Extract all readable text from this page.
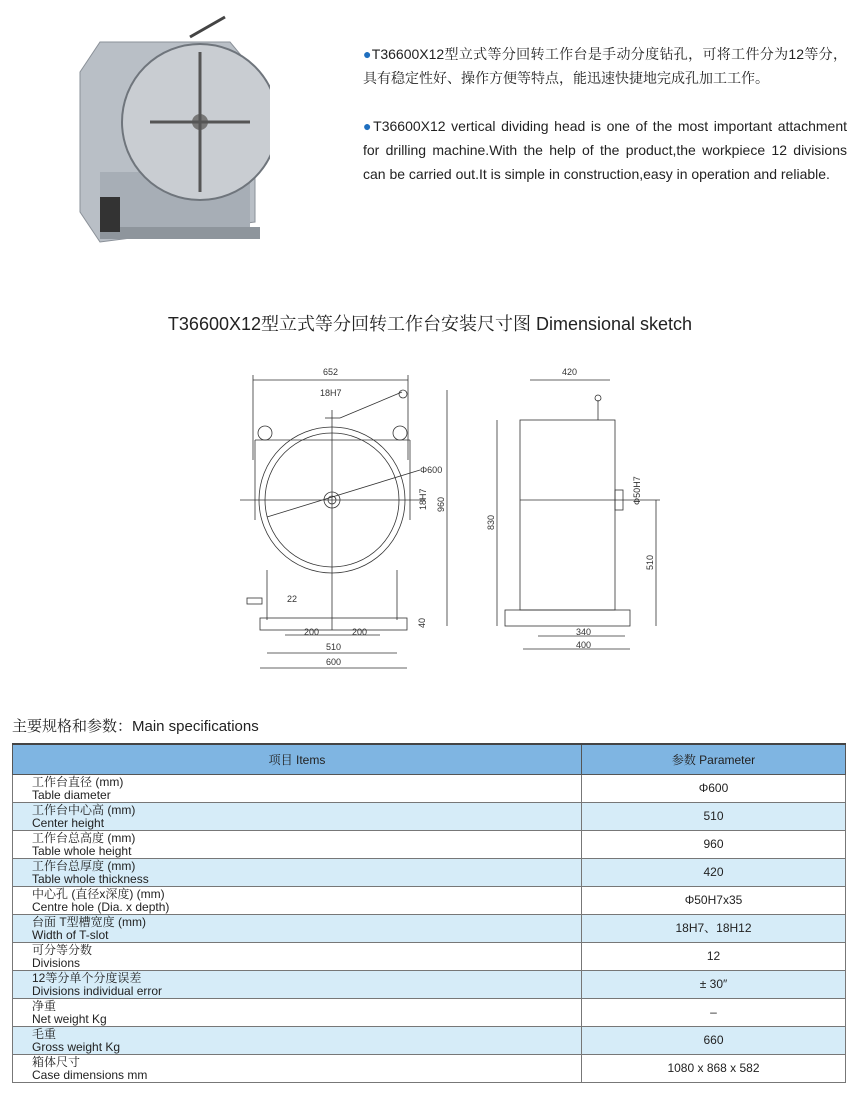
●T36600X12型立式等分回转工作台是手动分度钻孔，可将工件分为12等分，具有稳定性好、操作方便等特点，能迅速快捷地完成孔加工工作。

●T36600X12 vertical dividing head is one of the most important attachment for drilling machine.With the help of the product,the workpiece 12 divisions can be carried out.It is simple in construction,easy in operation and reliable.

T36600X12型立式等分回转工作台安装尺寸图 Dimensional sketch
652
18H7
Φ600
22
18H7 960
40
200	200
510
600
420
830
Φ50H7
510
340
400
主要规格和参数：Main specifications
项目 Items	参数 Parameter

工作台直径 (mm)
Table diameter	Φ600

工作台中心高 (mm)
Center height	510

工作台总高度 (mm)
Table whole height	960

工作台总厚度 (mm)
Table whole thickness	420

中心孔 (直径x深度) (mm)
Centre hole (Dia. x depth)	Φ50H7x35

台面 T型槽宽度 (mm)
Width of T-slot	18H7、18H12

可分等分数
Divisions	12

12等分单个分度误差
Divisions individual error	± 30″

净重
Net weight Kg	–

毛重
Gross weight Kg	660

箱体尺寸
Case dimensions mm	1080 x 868 x 582
